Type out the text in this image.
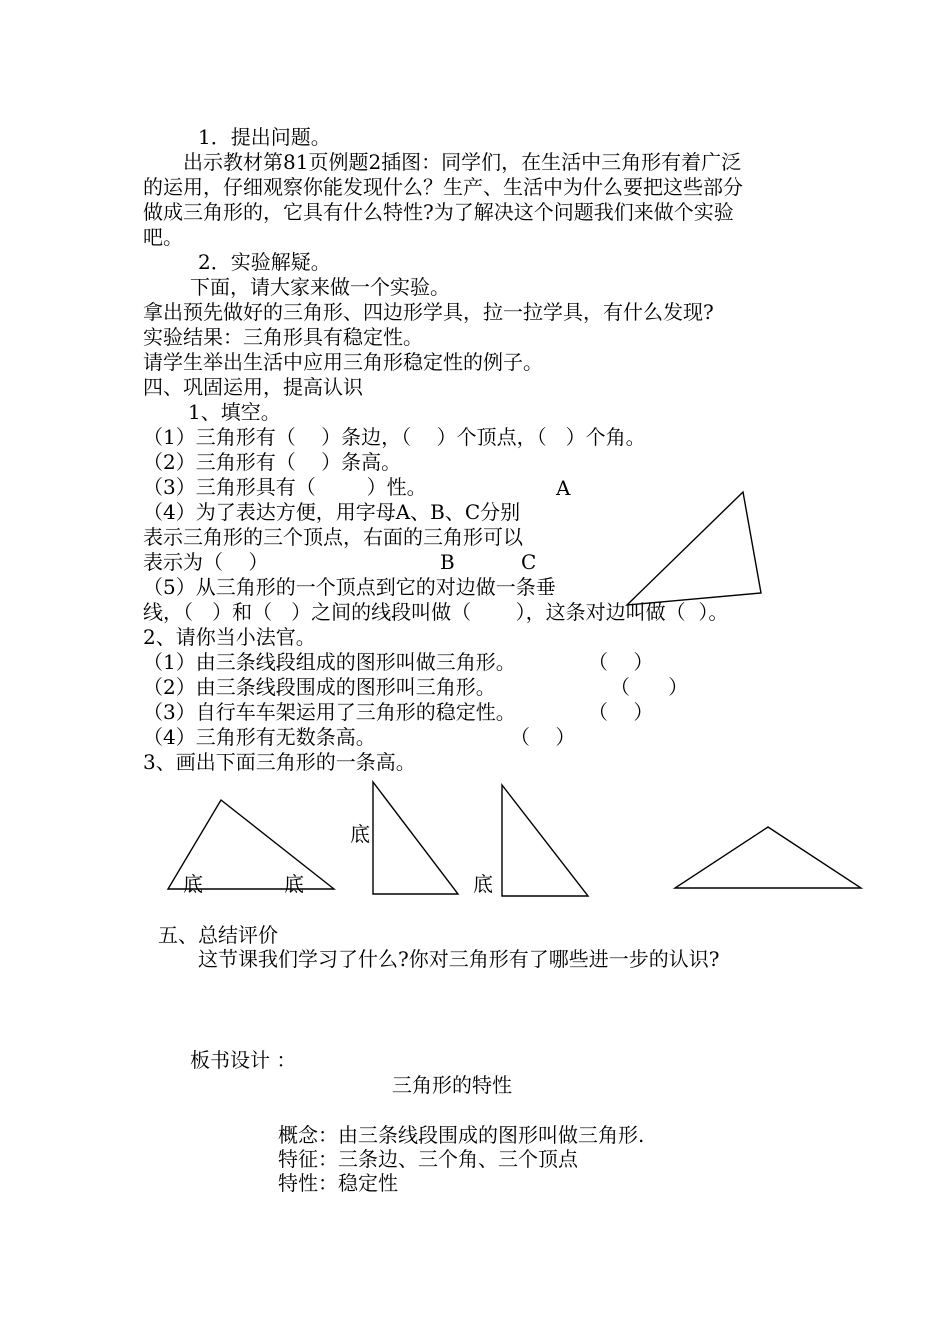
1．提出问题。
出示教材第81页例题2插图：同学们，在生活中三角形有着广泛
的运用，仔细观察你能发现什么？生产、生活中为什么要把这些部分
做成三角形的，它具有什么特性?为了解决这个问题我们来做个实验
吧。
2．实验解疑。
下面，请大家来做一个实验。
拿出预先做好的三角形、四边形学具，拉一拉学具，有什么发现?
实验结果：三角形具有稳定性。
请学生举出生活中应用三角形稳定性的例子。
四、巩固运用，提高认识
1、填空。
（1）三角形有（    ）条边，（    ）个顶点，（   ）个角。
（2）三角形有（    ）条高。
（3）三角形具有（        ）性。
（4）为了表达方便，用字母A、B、C分别
表示三角形的三个顶点，右面的三角形可以
表示为（    ）
（5）从三角形的一个顶点到它的对边做一条垂
线，（   ）和（   ）之间的线段叫做（       ），这条对边叫做（  ）。
A
B	C
2、请你当小法官。
（1）由三条线段组成的图形叫做三角形。	（    ）
（2）由三条线段围成的图形叫三角形。	（      ）
（3）自行车车架运用了三角形的稳定性。	（    ）
（4）三角形有无数条高。	（    ）
3、画出下面三角形的一条高。
底	底
底
底
五、总结评价
这节课我们学习了什么?你对三角形有了哪些进一步的认识?
板书设计 ：
三角形的特性
概念：由三条线段围成的图形叫做三角形.
特征：三条边、三个角、三个顶点
特性：稳定性
